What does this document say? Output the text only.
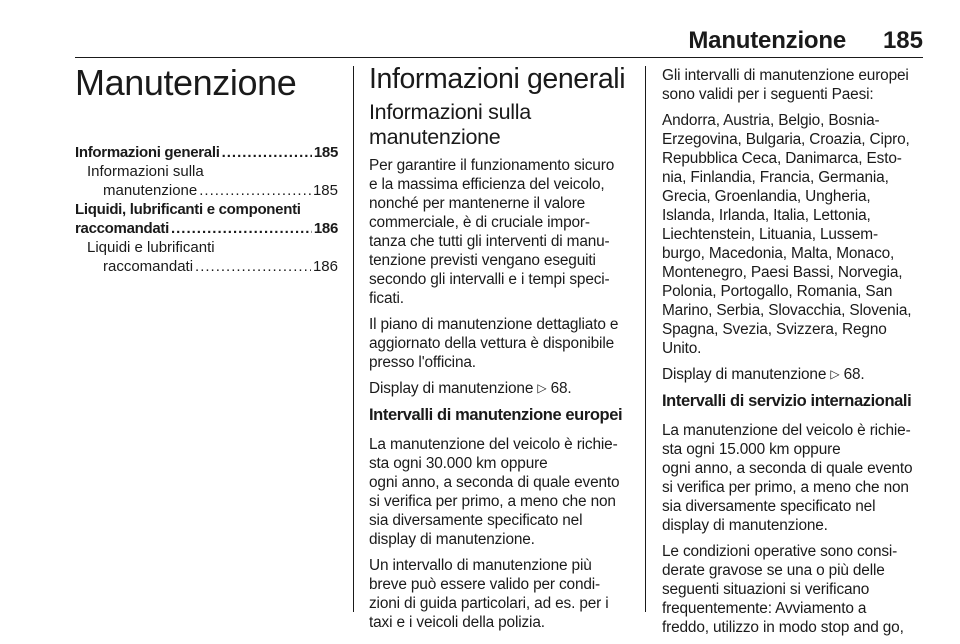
Manutenzione 185
Manutenzione
Informazioni generali .....	185
Informazioni sulla
manutenzione .....	185
Liquidi, lubrificanti e componenti
raccomandati .....	186
Liquidi e lubrificanti
raccomandati .....	186
Informazioni generali
Informazioni sulla
manutenzione

Per garantire il funzionamento sicuro
e la massima efficienza del veicolo,
nonché per mantenerne il valore
commerciale, è di cruciale impor-
tanza che tutti gli interventi di manu-
tenzione previsti vengano eseguiti
secondo gli intervalli e i tempi speci-
ficati.

Il piano di manutenzione dettagliato e
aggiornato della vettura è disponibile
presso l'officina.

Display di manutenzione ▷ 68.

Intervalli di manutenzione europei

La manutenzione del veicolo è richie-
sta ogni 30.000 km oppure
ogni anno, a seconda di quale evento
si verifica per primo, a meno che non
sia diversamente specificato nel
display di manutenzione.

Un intervallo di manutenzione più
breve può essere valido per condi-
zioni di guida particolari, ad es. per i
taxi e i veicoli della polizia.

Gli intervalli di manutenzione europei
sono validi per i seguenti Paesi:

Andorra, Austria, Belgio, Bosnia-
Erzegovina, Bulgaria, Croazia, Cipro,
Repubblica Ceca, Danimarca, Esto-
nia, Finlandia, Francia, Germania,
Grecia, Groenlandia, Ungheria,
Islanda, Irlanda, Italia, Lettonia,
Liechtenstein, Lituania, Lussem-
burgo, Macedonia, Malta, Monaco,
Montenegro, Paesi Bassi, Norvegia,
Polonia, Portogallo, Romania, San
Marino, Serbia, Slovacchia, Slovenia,
Spagna, Svezia, Svizzera, Regno
Unito.

Display di manutenzione ▷ 68.

Intervalli di servizio internazionali

La manutenzione del veicolo è richie-
sta ogni 15.000 km oppure
ogni anno, a seconda di quale evento
si verifica per primo, a meno che non
sia diversamente specificato nel
display di manutenzione.

Le condizioni operative sono consi-
derate gravose se una o più delle
seguenti situazioni si verificano
frequentemente: Avviamento a
freddo, utilizzo in modo stop and go,
